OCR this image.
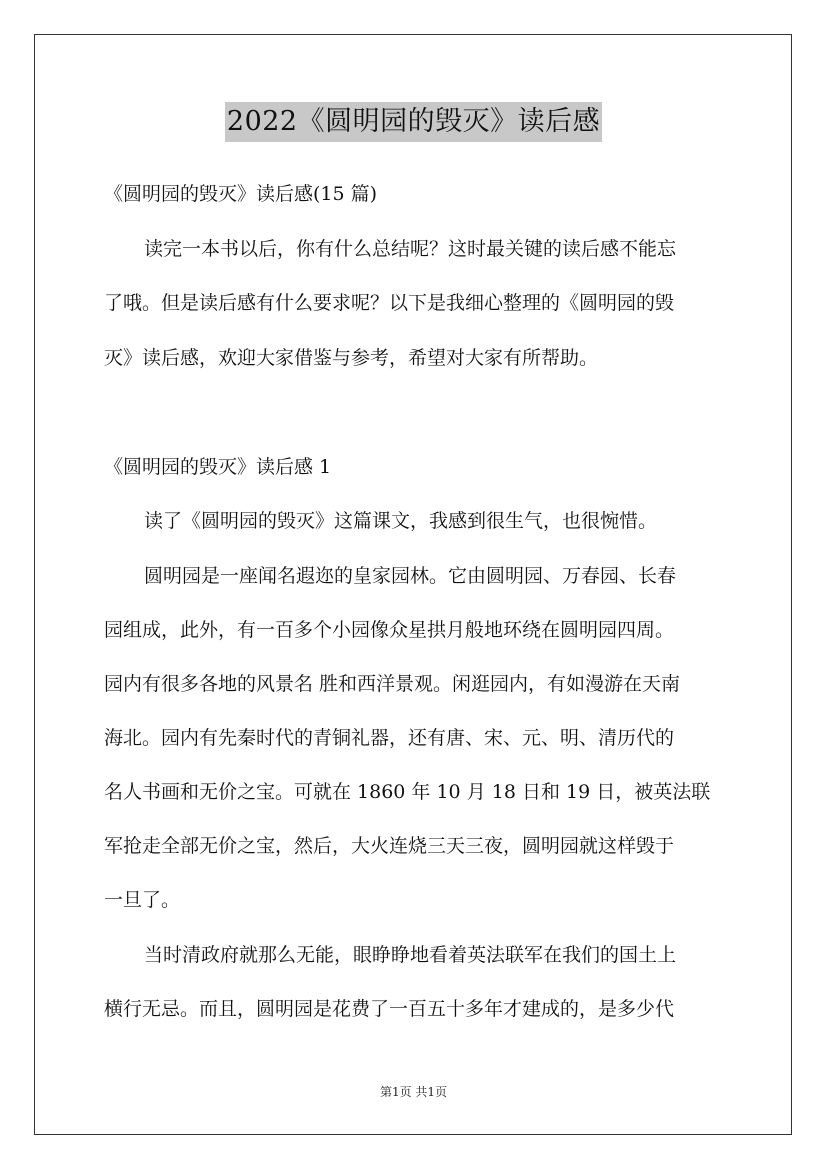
2022《圆明园的毁灭》读后感
《圆明园的毁灭》读后感(15 篇)
读完一本书以后，你有什么总结呢？这时最关键的读后感不能忘
了哦。但是读后感有什么要求呢？以下是我细心整理的《圆明园的毁
灭》读后感，欢迎大家借鉴与参考，希望对大家有所帮助。
《圆明园的毁灭》读后感 1
读了《圆明园的毁灭》这篇课文，我感到很生气，也很惋惜。
圆明园是一座闻名遐迩的皇家园林。它由圆明园、万春园、长春
园组成，此外，有一百多个小园像众星拱月般地环绕在圆明园四周。
园内有很多各地的风景名 胜和西洋景观。闲逛园内，有如漫游在天南
海北。园内有先秦时代的青铜礼器，还有唐、宋、元、明、清历代的
名人书画和无价之宝。可就在 1860 年 10 月 18 日和 19 日，被英法联
军抢走全部无价之宝，然后，大火连烧三天三夜，圆明园就这样毁于
一旦了。
当时清政府就那么无能，眼睁睁地看着英法联军在我们的国土上
横行无忌。而且，圆明园是花费了一百五十多年才建成的，是多少代
第1页 共1页
